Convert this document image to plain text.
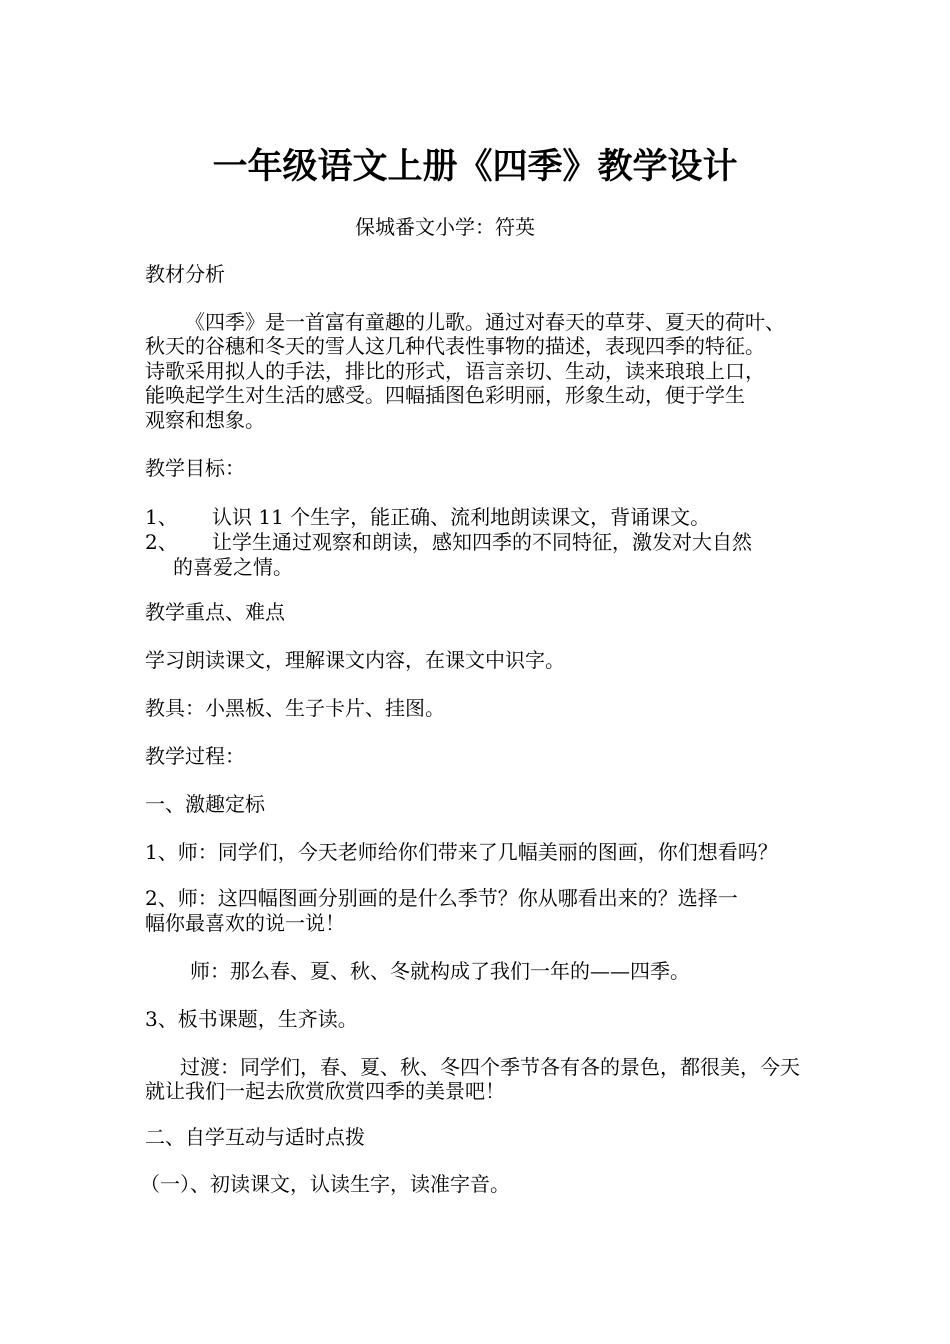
一年级语文上册《四季》教学设计
保城番文小学：符英
教材分析
《四季》是一首富有童趣的儿歌。通过对春天的草芽、夏天的荷叶、
秋天的谷穗和冬天的雪人这几种代表性事物的描述，表现四季的特征。
诗歌采用拟人的手法，排比的形式，语言亲切、生动，读来琅琅上口，
能唤起学生对生活的感受。四幅插图色彩明丽，形象生动，便于学生
观察和想象。
教学目标：
1、 认识 11 个生字，能正确、流利地朗读课文，背诵课文。
2、 让学生通过观察和朗读，感知四季的不同特征，激发对大自然
的喜爱之情。
教学重点、难点
学习朗读课文，理解课文内容，在课文中识字。
教具：小黑板、生子卡片、挂图。
教学过程：
一、激趣定标
1、师：同学们，今天老师给你们带来了几幅美丽的图画，你们想看吗？
2、师：这四幅图画分别画的是什么季节？你从哪看出来的？选择一
幅你最喜欢的说一说！
师：那么春、夏、秋、冬就构成了我们一年的——四季。
3、板书课题，生齐读。
过渡：同学们，春、夏、秋、冬四个季节各有各的景色，都很美，今天
就让我们一起去欣赏欣赏四季的美景吧！
二、自学互动与适时点拨
（一）、初读课文，认读生字，读准字音。
